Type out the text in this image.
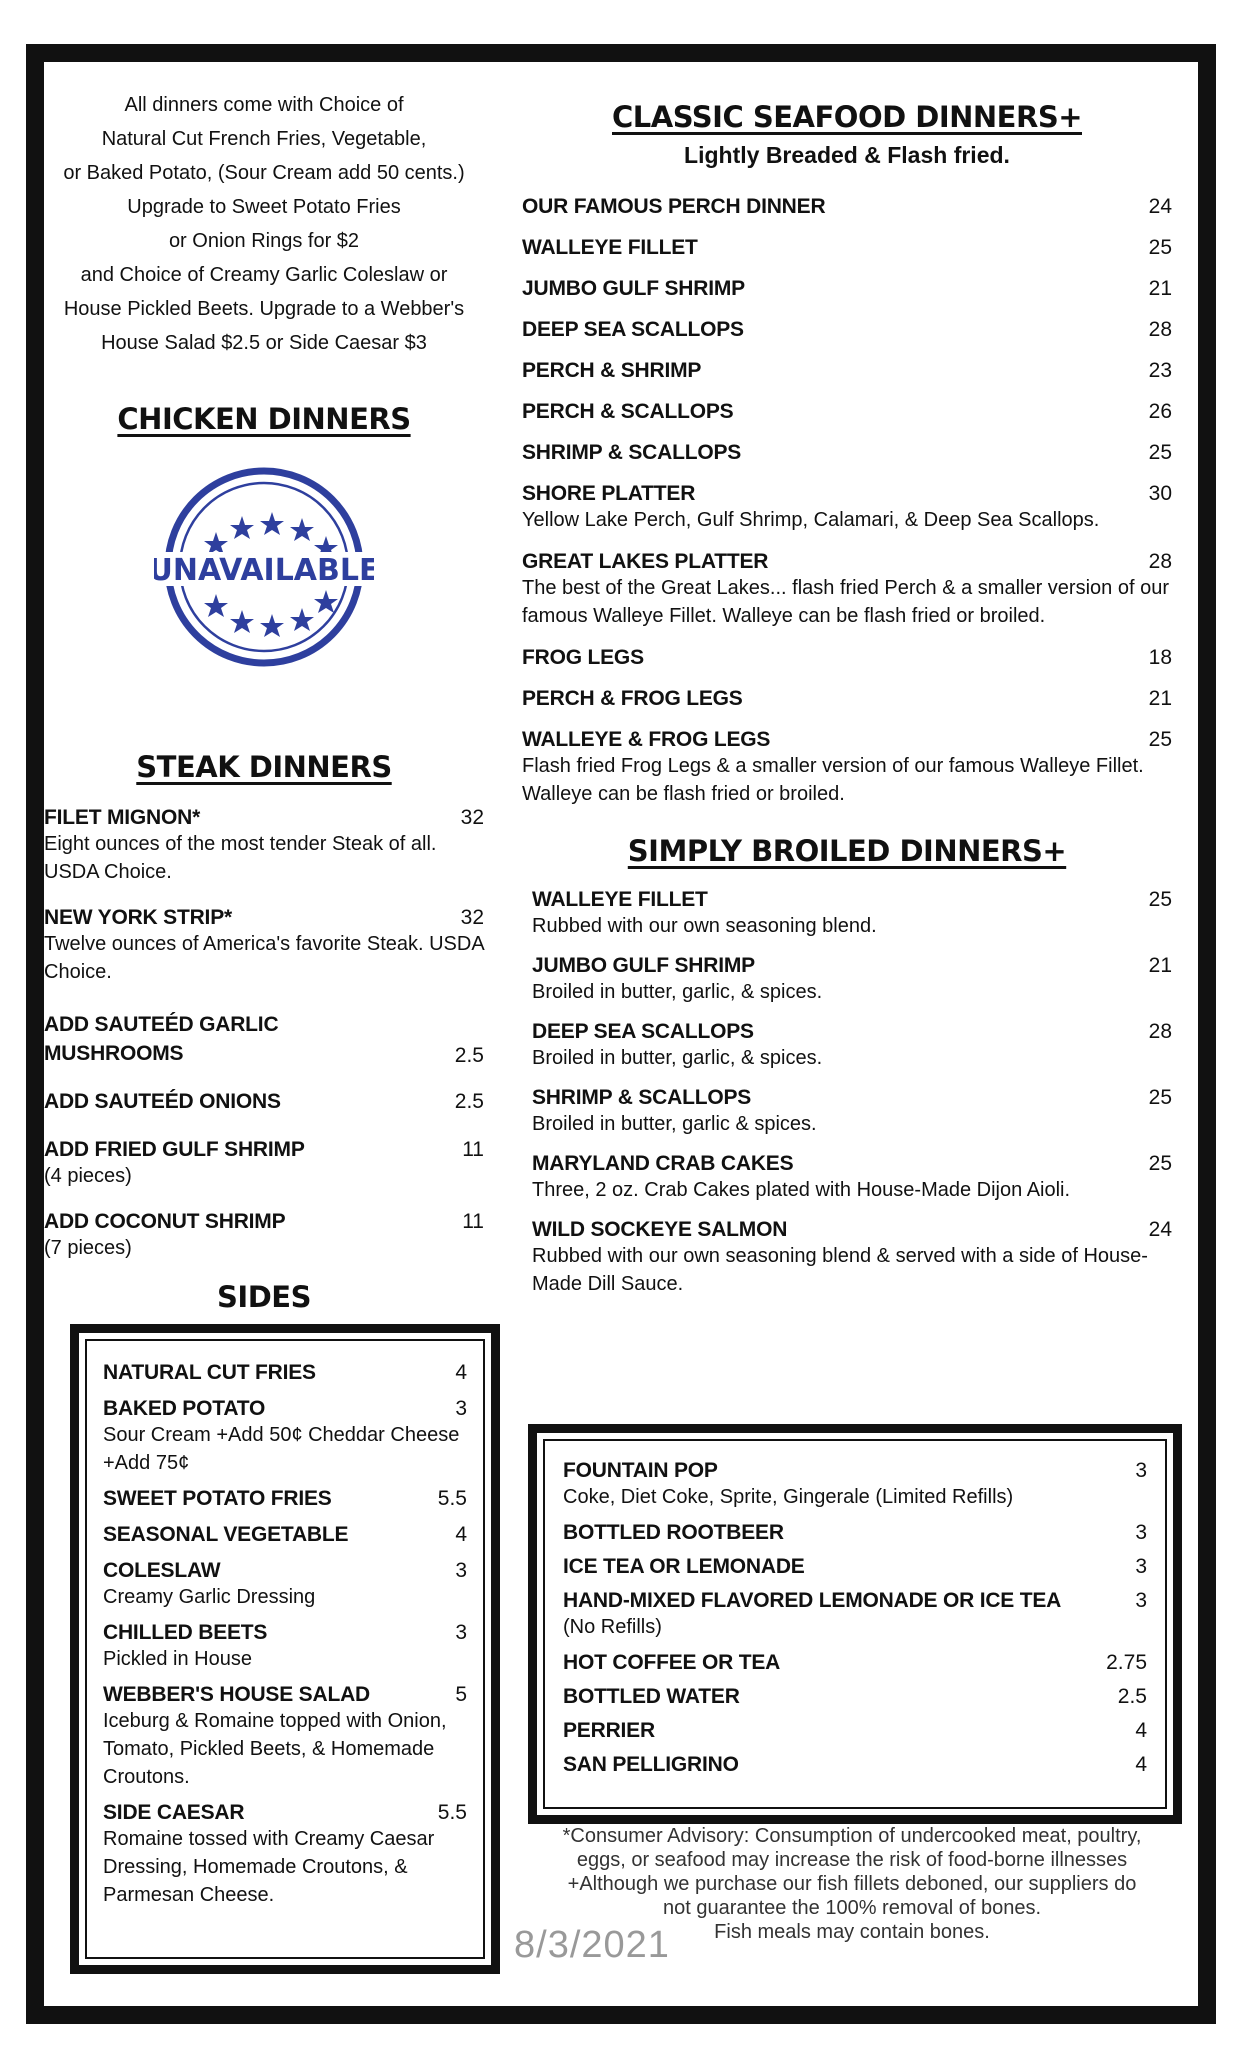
All dinners come with Choice of
Natural Cut French Fries, Vegetable,
or Baked Potato, (Sour Cream add 50 cents.)
Upgrade to Sweet Potato Fries
or Onion Rings for $2
and Choice of Creamy Garlic Coleslaw or
House Pickled Beets. Upgrade to a Webber's
House Salad $2.5 or Side Caesar $3
CHICKEN DINNERS
UNAVAILABLE
STEAK DINNERS
FILET MIGNON*	32
Eight ounces of the most tender Steak of all. USDA Choice.
NEW YORK STRIP*	32
Twelve ounces of America's favorite Steak. USDA Choice.
ADD SAUTEÉD GARLIC MUSHROOMS	2.5
ADD SAUTEÉD ONIONS	2.5
ADD FRIED GULF SHRIMP	11
(4 pieces)
ADD COCONUT SHRIMP	11
(7 pieces)
SIDES
NATURAL CUT FRIES	4
BAKED POTATO	3
Sour Cream +Add 50¢ Cheddar Cheese +Add 75¢
SWEET POTATO FRIES	5.5
SEASONAL VEGETABLE	4
COLESLAW	3
Creamy Garlic Dressing
CHILLED BEETS	3
Pickled in House
WEBBER'S HOUSE SALAD	5
Iceburg & Romaine topped with Onion, Tomato, Pickled Beets, & Homemade Croutons.
SIDE CAESAR	5.5
Romaine tossed with Creamy Caesar Dressing, Homemade Croutons, & Parmesan Cheese.
CLASSIC SEAFOOD DINNERS+
Lightly Breaded & Flash fried.
OUR FAMOUS PERCH DINNER	24
WALLEYE FILLET	25
JUMBO GULF SHRIMP	21
DEEP SEA SCALLOPS	28
PERCH & SHRIMP	23
PERCH & SCALLOPS	26
SHRIMP & SCALLOPS	25
SHORE PLATTER	30
Yellow Lake Perch, Gulf Shrimp, Calamari, & Deep Sea Scallops.
GREAT LAKES PLATTER	28
The best of the Great Lakes... flash fried Perch & a smaller version of our famous Walleye Fillet. Walleye can be flash fried or broiled.
FROG LEGS	18
PERCH & FROG LEGS	21
WALLEYE & FROG LEGS	25
Flash fried Frog Legs & a smaller version of our famous Walleye Fillet. Walleye can be flash fried or broiled.
SIMPLY BROILED DINNERS+
WALLEYE FILLET	25
Rubbed with our own seasoning blend.
JUMBO GULF SHRIMP	21
Broiled in butter, garlic, & spices.
DEEP SEA SCALLOPS	28
Broiled in butter, garlic, & spices.
SHRIMP & SCALLOPS	25
Broiled in butter, garlic & spices.
MARYLAND CRAB CAKES	25
Three, 2 oz. Crab Cakes plated with House-Made Dijon Aioli.
WILD SOCKEYE SALMON	24
Rubbed with our own seasoning blend & served with a side of House-Made Dill Sauce.
FOUNTAIN POP	3
Coke, Diet Coke, Sprite, Gingerale (Limited Refills)
BOTTLED ROOTBEER	3
ICE TEA OR LEMONADE	3
HAND-MIXED FLAVORED LEMONADE OR ICE TEA	3
(No Refills)
HOT COFFEE OR TEA	2.75
BOTTLED WATER	2.5
PERRIER	4
SAN PELLIGRINO	4
*Consumer Advisory: Consumption of undercooked meat, poultry,
eggs, or seafood may increase the risk of food-borne illnesses
+Although we purchase our fish fillets deboned, our suppliers do
not guarantee the 100% removal of bones.
Fish meals may contain bones.
8/3/2021
